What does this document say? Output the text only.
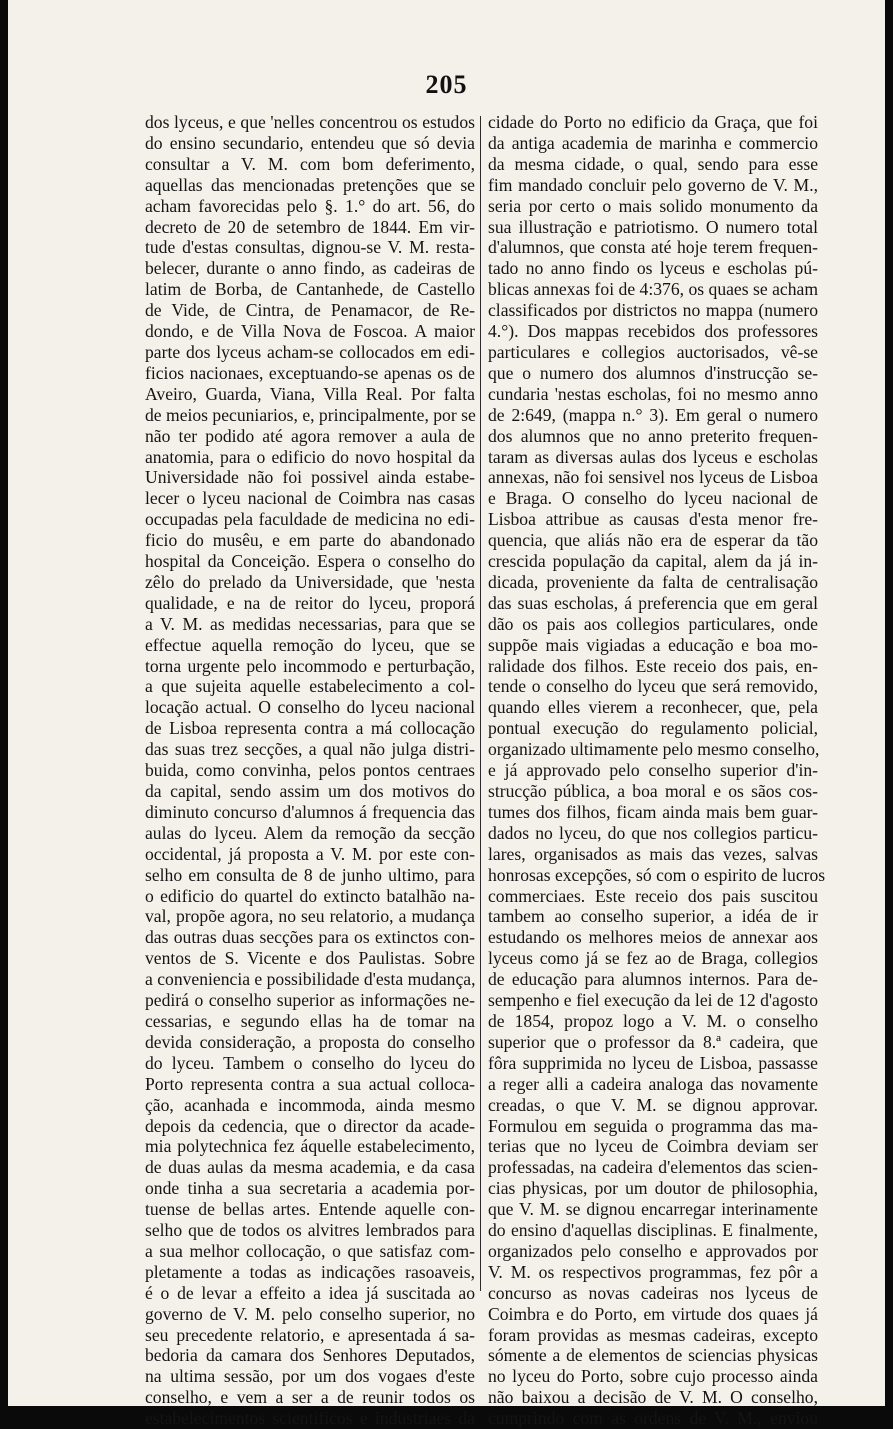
205
dos lyceus, e que 'nelles concentrou os estudos
do ensino secundario, entendeu que só devia
consultar a V. M. com bom deferimento,
aquellas das mencionadas pretenções que se
acham favorecidas pelo §. 1.° do art. 56, do
decreto de 20 de setembro de 1844. Em vir-
tude d'estas consultas, dignou-se V. M. resta-
belecer, durante o anno findo, as cadeiras de
latim de Borba, de Cantanhede, de Castello
de Vide, de Cintra, de Penamacor, de Re-
dondo, e de Villa Nova de Foscoa. A maior
parte dos lyceus acham-se collocados em edi-
ficios nacionaes, exceptuando-se apenas os de
Aveiro, Guarda, Viana, Villa Real. Por falta
de meios pecuniarios, e, principalmente, por se
não ter podido até agora remover a aula de
anatomia, para o edificio do novo hospital da
Universidade não foi possivel ainda estabe-
lecer o lyceu nacional de Coimbra nas casas
occupadas pela faculdade de medicina no edi-
ficio do musêu, e em parte do abandonado
hospital da Conceição. Espera o conselho do
zêlo do prelado da Universidade, que 'nesta
qualidade, e na de reitor do lyceu, proporá
a V. M. as medidas necessarias, para que se
effectue aquella remoção do lyceu, que se
torna urgente pelo incommodo e perturbação,
a que sujeita aquelle estabelecimento a col-
locação actual. O conselho do lyceu nacional
de Lisboa representa contra a má collocação
das suas trez secções, a qual não julga distri-
buida, como convinha, pelos pontos centraes
da capital, sendo assim um dos motivos do
diminuto concurso d'alumnos á frequencia das
aulas do lyceu. Alem da remoção da secção
occidental, já proposta a V. M. por este con-
selho em consulta de 8 de junho ultimo, para
o edificio do quartel do extincto batalhão na-
val, propõe agora, no seu relatorio, a mudança
das outras duas secções para os extinctos con-
ventos de S. Vicente e dos Paulistas. Sobre
a conveniencia e possibilidade d'esta mudança,
pedirá o conselho superior as informações ne-
cessarias, e segundo ellas ha de tomar na
devida consideração, a proposta do conselho
do lyceu. Tambem o conselho do lyceu do
Porto representa contra a sua actual colloca-
ção, acanhada e incommoda, ainda mesmo
depois da cedencia, que o director da acade-
mia polytechnica fez áquelle estabelecimento,
de duas aulas da mesma academia, e da casa
onde tinha a sua secretaria a academia por-
tuense de bellas artes. Entende aquelle con-
selho que de todos os alvitres lembrados para
a sua melhor collocação, o que satisfaz com-
pletamente a todas as indicações rasoaveis,
é o de levar a effeito a idea já suscitada ao
governo de V. M. pelo conselho superior, no
seu precedente relatorio, e apresentada á sa-
bedoria da camara dos Senhores Deputados,
na ultima sessão, por um dos vogaes d'este
conselho, e vem a ser a de reunir todos os
estabelecimentos scientificos e industriaes da
cidade do Porto no edificio da Graça, que foi
da antiga academia de marinha e commercio
da mesma cidade, o qual, sendo para esse
fim mandado concluir pelo governo de V. M.,
seria por certo o mais solido monumento da
sua illustração e patriotismo. O numero total
d'alumnos, que consta até hoje terem frequen-
tado no anno findo os lyceus e escholas pú-
blicas annexas foi de 4:376, os quaes se acham
classificados por districtos no mappa (numero
4.°). Dos mappas recebidos dos professores
particulares e collegios auctorisados, vê-se
que o numero dos alumnos d'instrucção se-
cundaria 'nestas escholas, foi no mesmo anno
de 2:649, (mappa n.° 3). Em geral o numero
dos alumnos que no anno preterito frequen-
taram as diversas aulas dos lyceus e escholas
annexas, não foi sensivel nos lyceus de Lisboa
e Braga. O conselho do lyceu nacional de
Lisboa attribue as causas d'esta menor fre-
quencia, que aliás não era de esperar da tão
crescida população da capital, alem da já in-
dicada, proveniente da falta de centralisação
das suas escholas, á preferencia que em geral
dão os pais aos collegios particulares, onde
suppõe mais vigiadas a educação e boa mo-
ralidade dos filhos. Este receio dos pais, en-
tende o conselho do lyceu que será removido,
quando elles vierem a reconhecer, que, pela
pontual execução do regulamento policial,
organizado ultimamente pelo mesmo conselho,
e já approvado pelo conselho superior d'in-
strucção pública, a boa moral e os sãos cos-
tumes dos filhos, ficam ainda mais bem guar-
dados no lyceu, do que nos collegios particu-
lares, organisados as mais das vezes, salvas
honrosas excepções, só com o espirito de lucros
commerciaes. Este receio dos pais suscitou
tambem ao conselho superior, a idéa de ir
estudando os melhores meios de annexar aos
lyceus como já se fez ao de Braga, collegios
de educação para alumnos internos. Para de-
sempenho e fiel execução da lei de 12 d'agosto
de 1854, propoz logo a V. M. o conselho
superior que o professor da 8.ª cadeira, que
fôra supprimida no lyceu de Lisboa, passasse
a reger alli a cadeira analoga das novamente
creadas, o que V. M. se dignou approvar.
Formulou em seguida o programma das ma-
terias que no lyceu de Coimbra deviam ser
professadas, na cadeira d'elementos das scien-
cias physicas, por um doutor de philosophia,
que V. M. se dignou encarregar interinamente
do ensino d'aquellas disciplinas. E finalmente,
organizados pelo conselho e approvados por
V. M. os respectivos programmas, fez pôr a
concurso as novas cadeiras nos lyceus de
Coimbra e do Porto, em virtude dos quaes já
foram providas as mesmas cadeiras, excepto
sómente a de elementos de sciencias physicas
no lyceu do Porto, sobre cujo processo ainda
não baixou a decisão de V. M. O conselho,
cumprindo com as ordens de V. M., enviou
